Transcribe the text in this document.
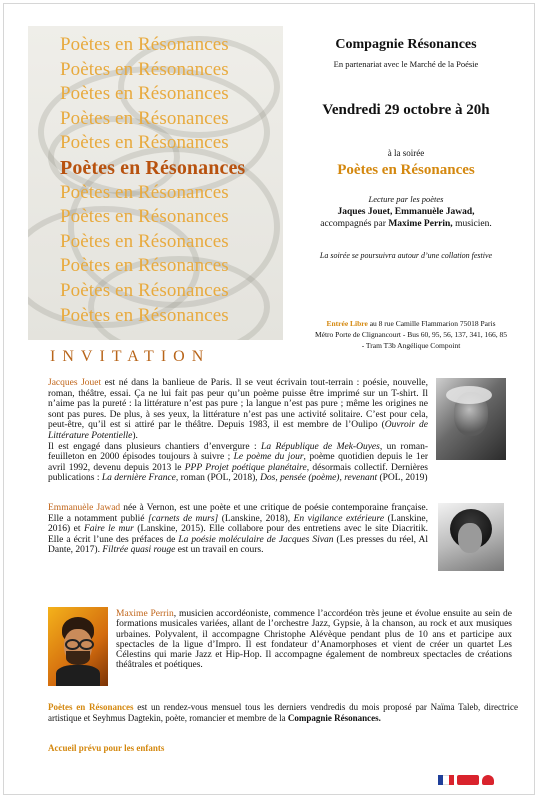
Poètes en Résonances
Poètes en Résonances
Poètes en Résonances
Poètes en Résonances
Poètes en Résonances
Poètes en Résonances
Poètes en Résonances
Poètes en Résonances
Poètes en Résonances
Poètes en Résonances
Poètes en Résonances
Poètes en Résonances
INVITATION
Compagnie Résonances
En partenariat avec le Marché de la Poésie
Vendredi 29 octobre à 20h
à la soirée
Poètes en Résonances
Lecture par les poètes
Jaques Jouet, Emmanuèle Jawad,
accompagnés par Maxime Perrin, musicien.
La soirée se poursuivra autour d’une collation festive
Entrée Libre au 8 rue Camille Flammarion 75018 Paris
Métro Porte de Clignancourt - Bus 60, 95, 56, 137, 341, 166, 85
- Tram T3b Angélique Compoint
Jacques Jouet est né dans la banlieue de Paris. Il se veut écrivain tout-terrain : poésie, nouvelle, roman, théâtre, essai. Ça ne lui fait pas peur qu’un poème puisse être imprimé sur un T-shirt. Il n’aime pas la pureté : la littérature n’est pas pure ; la langue n’est pas pure ; même les origines ne sont pas pures. De plus, à ses yeux, la littérature n’est pas une activité solitaire. C’est pour cela, peut-être, qu’il est si attiré par le théâtre. Depuis 1983, il est membre de l’Oulipo (Ouvroir de Littérature Potentielle).
Il est engagé dans plusieurs chantiers d’envergure : La République de Mek-Ouyes, un roman-feuilleton en 2000 épisodes toujours à suivre ; Le poème du jour, poème quotidien depuis le 1er avril 1992, devenu depuis 2013 le PPP Projet poétique planétaire, désormais collectif. Dernières publications : La dernière France, roman (POL, 2018), Dos, pensée (poème), revenant (POL, 2019)
Emmanuèle Jawad née à Vernon, est une poète et une critique de poésie contemporaine française. Elle a notamment publié [carnets de murs] (Lanskine, 2018), En vigilance extérieure (Lanskine, 2016) et Faire le mur (Lanskine, 2015). Elle collabore pour des entretiens avec le site Diacritik. Elle a écrit l’une des préfaces de La poésie moléculaire de Jacques Sivan (Les presses du réel, Al Dante, 2017). Filtrée quasi rouge est un travail en cours.
Maxime Perrin, musicien accordéoniste, commence l’accordéon très jeune et évolue ensuite au sein de formations musicales variées, allant de l’orchestre Jazz, Gypsie, à la chanson, au rock et aux musiques urbaines. Polyvalent, il accompagne Christophe Alévèque pendant plus de 10 ans et participe aux spectacles de la ligue d’Impro. Il est fondateur d’Anamorphoses et vient de créer un quartet Les Célestins qui marie Jazz et Hip-Hop. Il accompagne également de nombreux spectacles de créations théâtrales et poétiques.
Poètes en Résonances est un rendez-vous mensuel tous les derniers vendredis du mois proposé par Naïma Taleb, directrice artistique et Seyhmus Dagtekin, poète, romancier et membre de la Compagnie Résonances.
Accueil prévu pour les enfants
